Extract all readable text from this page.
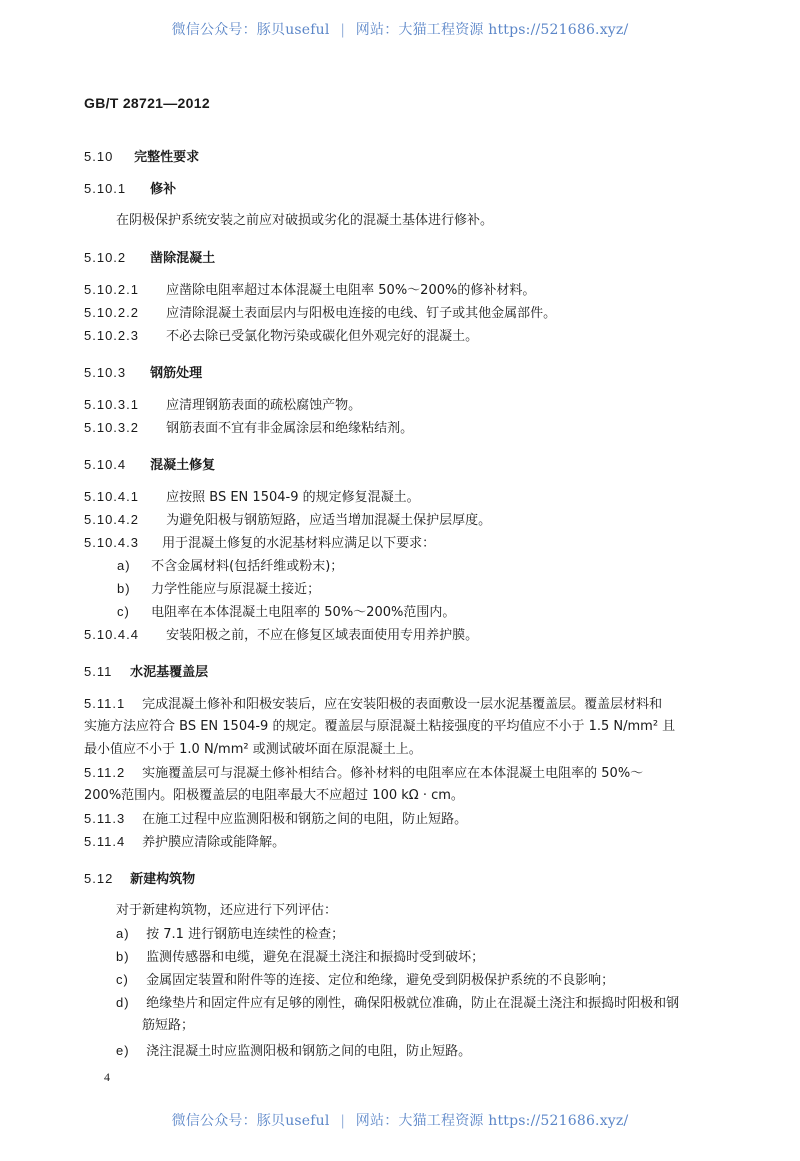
微信公众号：豚贝useful | 网站：大猫工程资源 https://521686.xyz/
GB/T 28721—2012
5.10 完整性要求
5.10.1 修补
在阴极保护系统安装之前应对破损或劣化的混凝土基体进行修补。
5.10.2 凿除混凝土
5.10.2.1 应凿除电阻率超过本体混凝土电阻率 50%～200%的修补材料。
5.10.2.2 应清除混凝土表面层内与阳极电连接的电线、钉子或其他金属部件。
5.10.2.3 不必去除已受氯化物污染或碳化但外观完好的混凝土。
5.10.3 钢筋处理
5.10.3.1 应清理钢筋表面的疏松腐蚀产物。
5.10.3.2 钢筋表面不宜有非金属涂层和绝缘粘结剂。
5.10.4 混凝土修复
5.10.4.1 应按照 BS EN 1504-9 的规定修复混凝土。
5.10.4.2 为避免阳极与钢筋短路，应适当增加混凝土保护层厚度。
5.10.4.3 用于混凝土修复的水泥基材料应满足以下要求：
a) 不含金属材料(包括纤维或粉末)；
b) 力学性能应与原混凝土接近；
c) 电阻率在本体混凝土电阻率的 50%～200%范围内。
5.10.4.4 安装阳极之前，不应在修复区域表面使用专用养护膜。
5.11 水泥基覆盖层
5.11.1 完成混凝土修补和阳极安装后，应在安装阳极的表面敷设一层水泥基覆盖层。覆盖层材料和
实施方法应符合 BS EN 1504-9 的规定。覆盖层与原混凝土粘接强度的平均值应不小于 1.5 N/mm² 且
最小值应不小于 1.0 N/mm² 或测试破坏面在原混凝土上。
5.11.2 实施覆盖层可与混凝土修补相结合。修补材料的电阻率应在本体混凝土电阻率的 50%～
200%范围内。阳极覆盖层的电阻率最大不应超过 100 kΩ · cm。
5.11.3 在施工过程中应监测阳极和钢筋之间的电阻，防止短路。
5.11.4 养护膜应清除或能降解。
5.12 新建构筑物
对于新建构筑物，还应进行下列评估：
a) 按 7.1 进行钢筋电连续性的检查；
b) 监测传感器和电缆，避免在混凝土浇注和振捣时受到破坏；
c) 金属固定装置和附件等的连接、定位和绝缘，避免受到阴极保护系统的不良影响；
d) 绝缘垫片和固定件应有足够的刚性，确保阳极就位准确，防止在混凝土浇注和振捣时阳极和钢
筋短路；
e) 浇注混凝土时应监测阳极和钢筋之间的电阻，防止短路。
4
微信公众号：豚贝useful | 网站：大猫工程资源 https://521686.xyz/
